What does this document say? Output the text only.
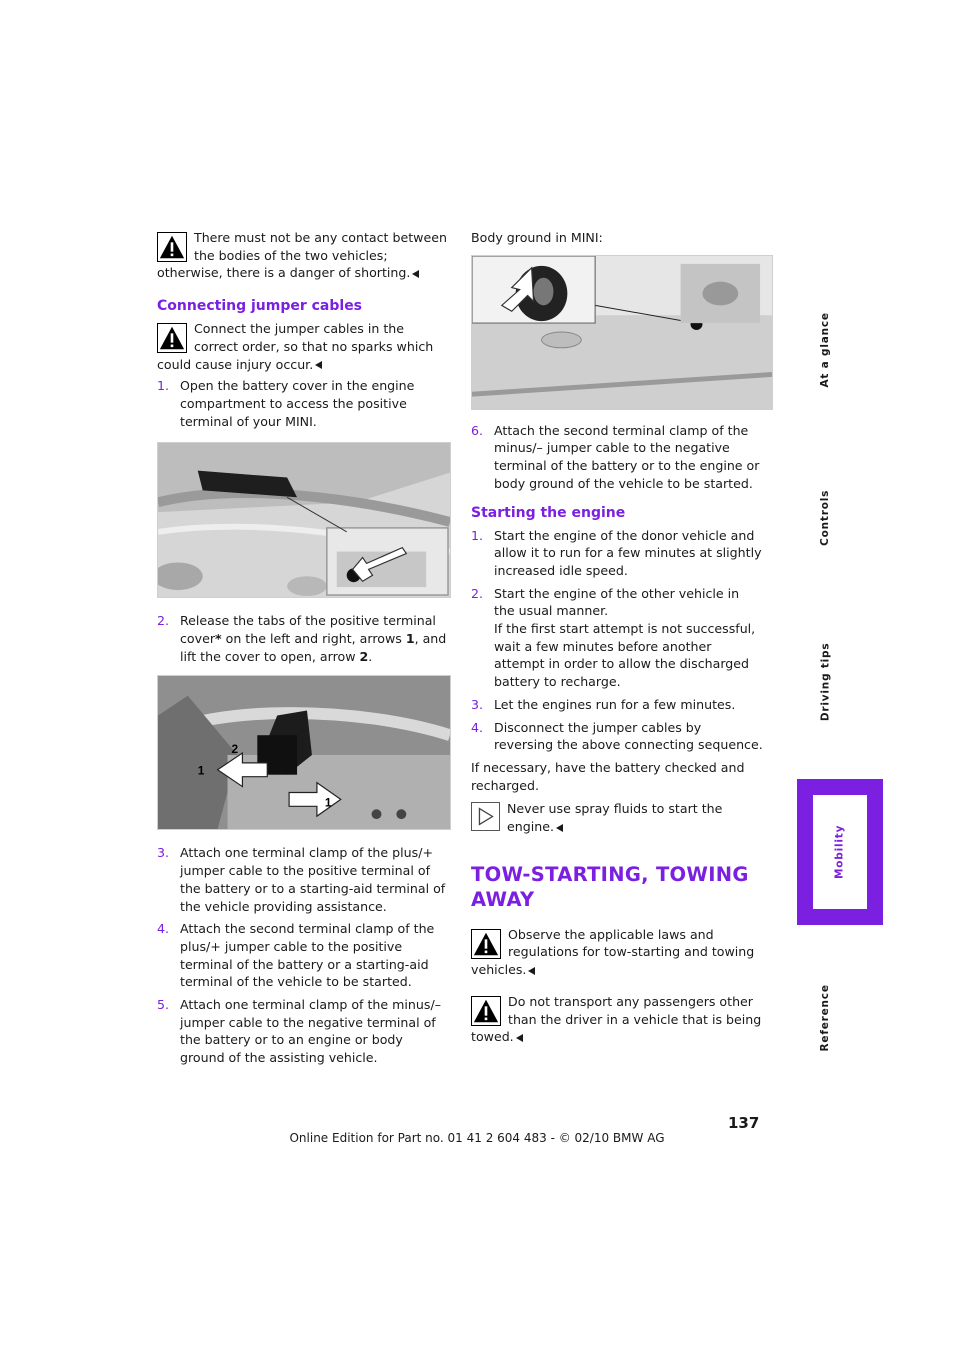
There must not be any contact between the bodies of the two vehicles; otherwise, there is a danger of shorting.
Connecting jumper cables
Connect the jumper cables in the correct order, so that no sparks which could cause injury occur.
1. Open the battery cover in the engine compartment to access the positive terminal of your MINI.
2. Release the tabs of the positive terminal cover* on the left and right, arrows 1, and lift the cover to open, arrow 2.
2
1
1
3. Attach one terminal clamp of the plus/+ jumper cable to the positive terminal of the battery or to a starting-aid terminal of the vehicle providing assistance.
4. Attach the second terminal clamp of the plus/+ jumper cable to the positive terminal of the battery or a starting-aid terminal of the vehicle to be started.
5. Attach one terminal clamp of the minus/– jumper cable to the negative terminal of the battery or to an engine or body ground of the assisting vehicle.
Body ground in MINI:
6. Attach the second terminal clamp of the minus/– jumper cable to the negative terminal of the battery or to the engine or body ground of the vehicle to be started.
Starting the engine
1. Start the engine of the donor vehicle and allow it to run for a few minutes at slightly increased idle speed.
2. Start the engine of the other vehicle in the usual manner.
If the first start attempt is not successful, wait a few minutes before another attempt in order to allow the discharged battery to recharge.
3. Let the engines run for a few minutes.
4. Disconnect the jumper cables by reversing the above connecting sequence.
If necessary, have the battery checked and recharged.
Never use spray fluids to start the engine.
TOW-STARTING, TOWING AWAY
Observe the applicable laws and regulations for tow-starting and towing vehicles.
Do not transport any passengers other than the driver in a vehicle that is being towed.
At a glance
Controls
Driving tips
Mobility
Reference
137
Online Edition for Part no. 01 41 2 604 483 - © 02/10 BMW AG
